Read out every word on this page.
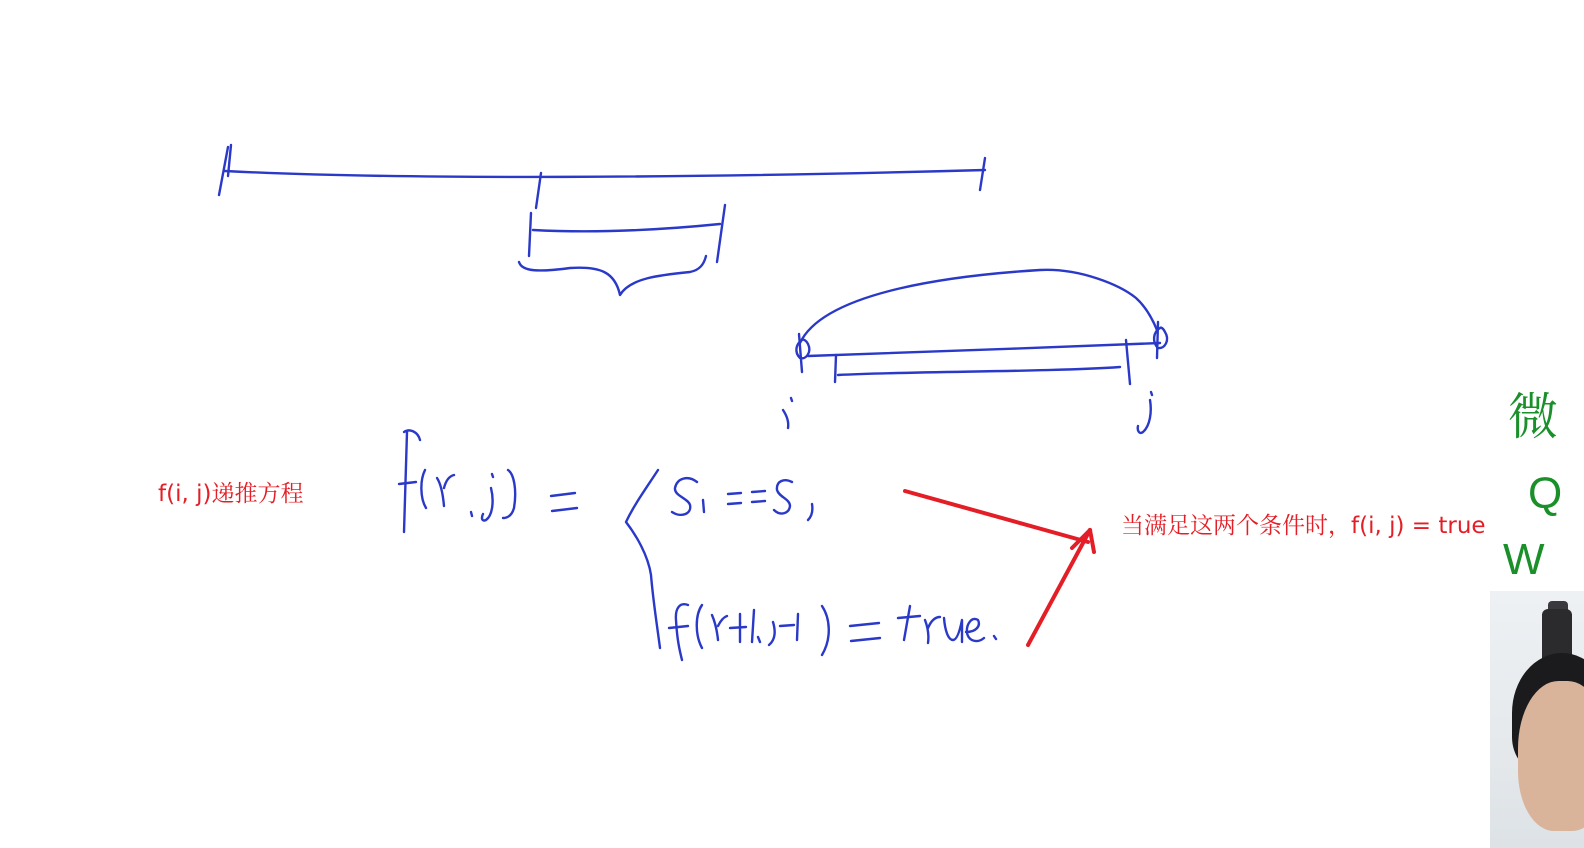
f(i, j)递推方程
当满足这两个条件时，f(i, j) = true
微
Q
W
